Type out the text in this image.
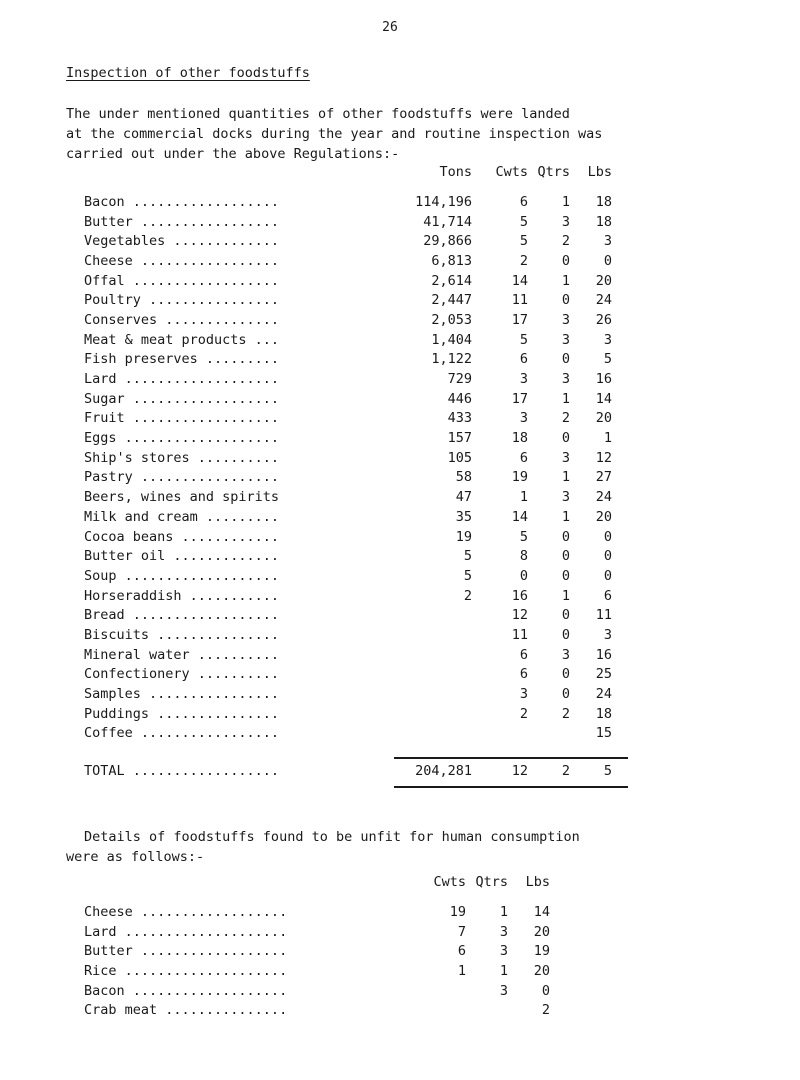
26
Inspection of other foodstuffs

The under mentioned quantities of other foodstuffs were landed

at the commercial docks during the year and routine inspection was

carried out under the above Regulations:-

	Tons	Cwts	Qtrs	Lbs
Bacon ..................	114,196	6	1	18
Butter .................	41,714	5	3	18
Vegetables .............	29,866	5	2	3
Cheese .................	6,813	2	0	0
Offal ..................	2,614	14	1	20
Poultry ................	2,447	11	0	24
Conserves ..............	2,053	17	3	26
Meat & meat products ...	1,404	5	3	3
Fish preserves .........	1,122	6	0	5
Lard ...................	729	3	3	16
Sugar ..................	446	17	1	14
Fruit ..................	433	3	2	20
Eggs ...................	157	18	0	1
Ship's stores ..........	105	6	3	12
Pastry .................	58	19	1	27
Beers, wines and spirits	47	1	3	24
Milk and cream .........	35	14	1	20
Cocoa beans ............	19	5	0	0
Butter oil .............	5	8	0	0
Soup ...................	5	0	0	0
Horseraddish ...........	2	16	1	6
Bread ..................		12	0	11
Biscuits ...............		11	0	3
Mineral water ..........		6	3	16
Confectionery ..........		6	0	25
Samples ................		3	0	24
Puddings ...............		2	2	18
Coffee .................				15
TOTAL ..................	204,281	12	2	5

Details of foodstuffs found to be unfit for human consumption

were as follows:-

	Cwts	Qtrs	Lbs
Cheese ..................	19	1	14
Lard ....................	7	3	20
Butter ..................	6	3	19
Rice ....................	1	1	20
Bacon ...................		3	0
Crab meat ...............			2
